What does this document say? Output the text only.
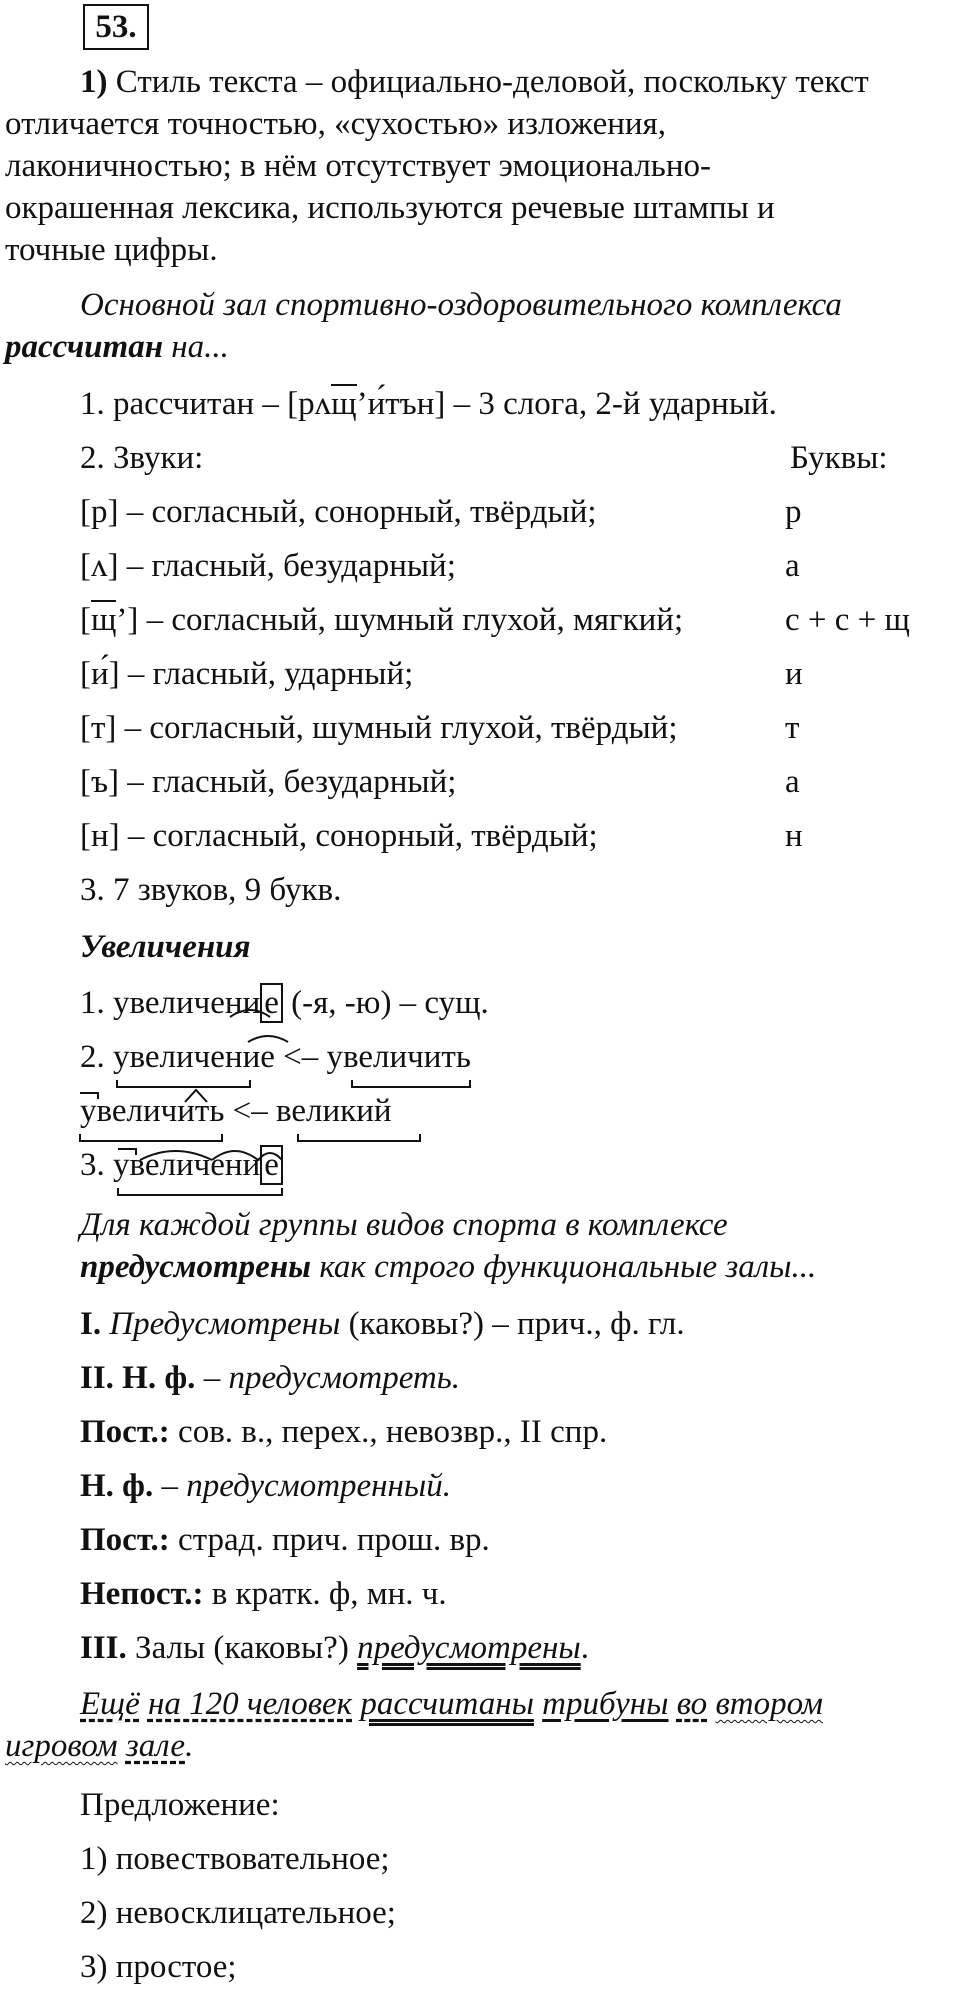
53.
1) Стиль текста – официально-деловой, поскольку текст
отличается точностью, «сухостью» изложения,
лаконичностью; в нём отсутствует эмоционально-
окрашенная лексика, используются речевые штампы и
точные цифры.
Основной зал спортивно-оздоровительного комплекса
рассчитан на...
1. рассчитан – [рʌщ’и́тън] – 3 слога, 2-й ударный.
2. Звуки:	Буквы:
[р] – согласный, сонорный, твёрдый;	р
[ʌ] – гласный, безударный;	а
[щ’] – согласный, шумный глухой, мягкий;	с + с + щ
[и́] – гласный, ударный;	и
[т] – согласный, шумный глухой, твёрдый;	т
[ъ] – гласный, безударный;	а
[н] – согласный, сонорный, твёрдый;	н
3. 7 звуков, 9 букв.
Увеличения
1. увеличени е (-я, -ю) – сущ.
2. увеличение <– увеличить
увеличить <– великий
3. увеличени е
Для каждой группы видов спорта в комплексе
предусмотрены как строго функциональные залы...
I. Предусмотрены (каковы?) – прич., ф. гл.
II. Н. ф. – предусмотреть.
Пост.: сов. в., перех., невозвр., II спр.
Н. ф. – предусмотренный.
Пост.: страд. прич. прош. вр.
Непост.: в кратк. ф, мн. ч.
III. Залы (каковы?) предусмотрены.
Ещё на 120 человек рассчитаны трибуны во втором
игровом зале.
Предложение:
1) повествовательное;
2) невосклицательное;
3) простое;
